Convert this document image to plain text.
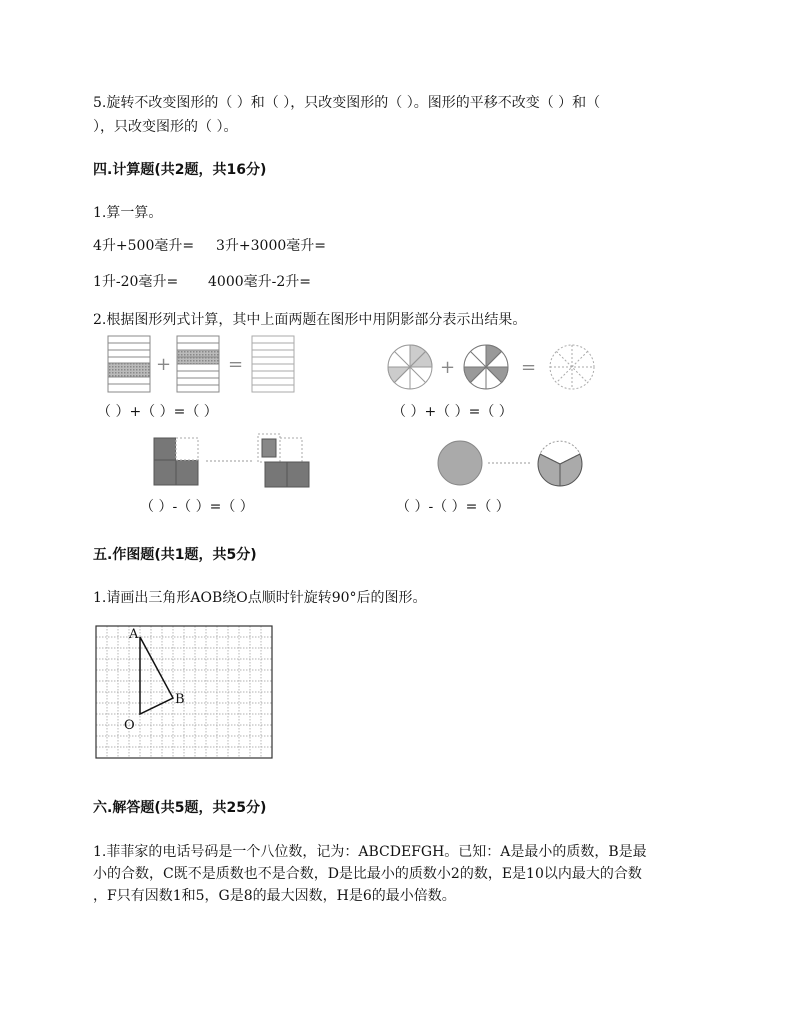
5.旋转不改变图形的（ ）和（ ），只改变图形的（ ）。图形的平移不改变（ ）和（
），只改变图形的（ ）。
四.计算题(共2题，共16分)
1.算一算。
4升+500毫升= 3升+3000毫升=
1升-20毫升= 4000毫升-2升=
2.根据图形列式计算，其中上面两题在图形中用阴影部分表示出结果。
+	=
（ ）+（ ）=（ ）
+	=
（ ）+（ ）=（ ）
（ ）-（ ）=（ ）	（ ）-（ ）=（ ）
五.作图题(共1题，共5分)
1.请画出三角形AOB绕O点顺时针旋转90°后的图形。
A
B
O
六.解答题(共5题，共25分)
1.菲菲家的电话号码是一个八位数，记为：ABCDEFGH。已知：A是最小的质数，B是最
小的合数，C既不是质数也不是合数，D是比最小的质数小2的数，E是10以内最大的合数
，F只有因数1和5，G是8的最大因数，H是6的最小倍数。
